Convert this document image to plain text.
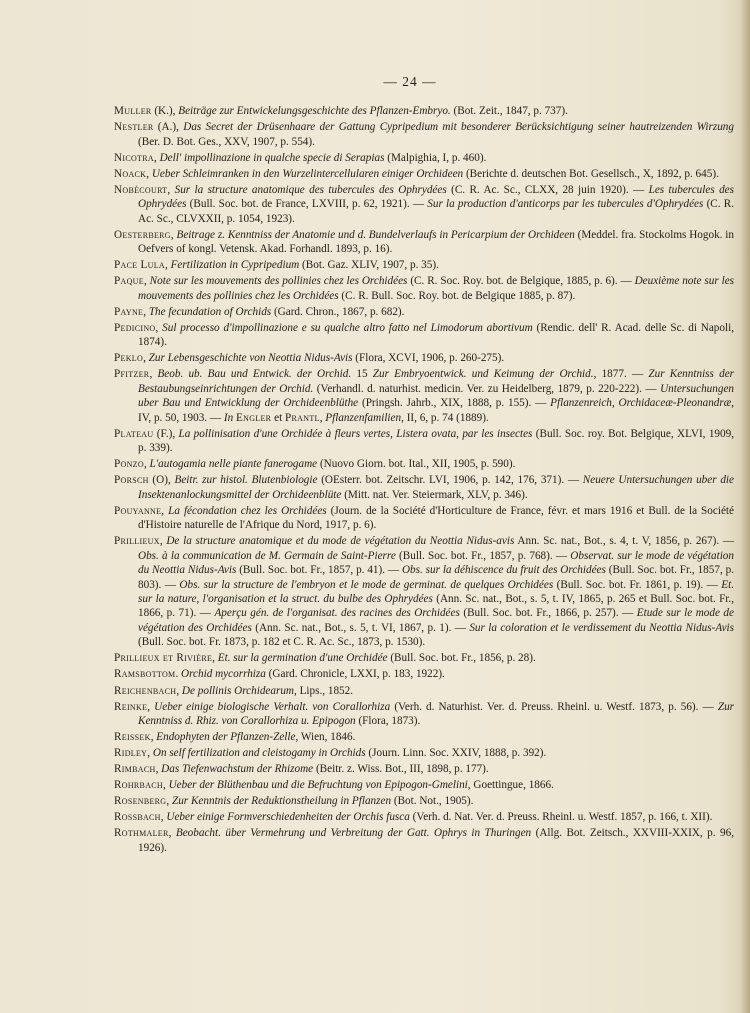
— 24 —

Muller (K.), Beiträge zur Entwickelungsgeschichte des Pflanzen-Embryo. (Bot. Zeit., 1847, p. 737).

Nestler (A.), Das Secret der Drüsenhaare der Gattung Cypripedium mit besonderer Berücksichtigung seiner hautreizenden Wirzung (Ber. D. Bot. Ges., XXV, 1907, p. 554).

Nicotra, Dell' impollinazione in qualche specie di Serapias (Malpighia, I, p. 460).

Noack, Ueber Schleimranken in den Wurzelintercellularen einiger Orchideen (Berichte d. deutschen Bot. Gesellsch., X, 1892, p. 645).

Nobécourt, Sur la structure anatomique des tubercules des Ophrydées (C. R. Ac. Sc., CLXX, 28 juin 1920). — Les tubercules des Ophrydées (Bull. Soc. bot. de France, LXVIII, p. 62, 1921). — Sur la production d'anticorps par les tubercules d'Ophrydées (C. R. Ac. Sc., CLVXXII, p. 1054, 1923).

Oesterberg, Beitrage z. Kenntniss der Anatomie und d. Bundelverlaufs in Pericarpium der Orchideen (Meddel. fra. Stockolms Hogok. in Oefvers of kongl. Vetensk. Akad. Forhandl. 1893, p. 16).

Pace Lula, Fertilization in Cypripedium (Bot. Gaz. XLIV, 1907, p. 35).

Paque, Note sur les mouvements des pollinies chez les Orchidées (C. R. Soc. Roy. bot. de Belgique, 1885, p. 6). — Deuxième note sur les mouvements des pollinies chez les Orchidées (C. R. Bull. Soc. Roy. bot. de Belgique 1885, p. 87).

Payne, The fecundation of Orchids (Gard. Chron., 1867, p. 682).

Pedicino, Sul processo d'impollinazione e su qualche altro fatto nel Limodorum abortivum (Rendic. dell' R. Acad. delle Sc. di Napoli, 1874).

Peklo, Zur Lebensgeschichte von Neottia Nidus-Avis (Flora, XCVI, 1906, p. 260-275).

Pfitzer, Beob. ub. Bau und Entwick. der Orchid. 15 Zur Embryoentwick. und Keimung der Orchid., 1877. — Zur Kenntniss der Bestaubungseinrichtungen der Orchid. (Verhandl. d. naturhist. medicin. Ver. zu Heidelberg, 1879, p. 220-222). — Untersuchungen uber Bau und Entwicklung der Orchideenblüthe (Pringsh. Jahrb., XIX, 1888, p. 155). — Pflanzenreich, Orchidaceæ-Pleonandræ, IV, p. 50, 1903. — In Engler et Prantl, Pflanzenfamilien, II, 6, p. 74 (1889).

Plateau (F.), La pollinisation d'une Orchidée à fleurs vertes, Listera ovata, par les insectes (Bull. Soc. roy. Bot. Belgique, XLVI, 1909, p. 339).

Ponzo, L'autogamia nelle piante fanerogame (Nuovo Giorn. bot. Ital., XII, 1905, p. 590).

Porsch (O), Beitr. zur histol. Blutenbiologie (OEsterr. bot. Zeitschr. LVI, 1906, p. 142, 176, 371). — Neuere Untersuchungen uber die Insektenanlockungsmittel der Orchideenblüte (Mitt. nat. Ver. Steiermark, XLV, p. 346).

Pouyanne, La fécondation chez les Orchidées (Journ. de la Société d'Horticulture de France, févr. et mars 1916 et Bull. de la Société d'Histoire naturelle de l'Afrique du Nord, 1917, p. 6).

Prillieux, De la structure anatomique et du mode de végétation du Neottia Nidus-avis Ann. Sc. nat., Bot., s. 4, t. V, 1856, p. 267). — Obs. à la communication de M. Germain de Saint-Pierre (Bull. Soc. bot. Fr., 1857, p. 768). — Observat. sur le mode de végétation du Neottia Nidus-Avis (Bull. Soc. bot. Fr., 1857, p. 41). — Obs. sur la déhiscence du fruit des Orchidées (Bull. Soc. bot. Fr., 1857, p. 803). — Obs. sur la structure de l'embryon et le mode de germinat. de quelques Orchidées (Bull. Soc. bot. Fr. 1861, p. 19). — Et. sur la nature, l'organisation et la struct. du bulbe des Ophrydées (Ann. Sc. nat., Bot., s. 5, t. IV, 1865, p. 265 et Bull. Soc. bot. Fr., 1866, p. 71). — Aperçu gén. de l'organisat. des racines des Orchidées (Bull. Soc. bot. Fr., 1866, p. 257). — Etude sur le mode de végétation des Orchidées (Ann. Sc. nat., Bot., s. 5, t. VI, 1867, p. 1). — Sur la coloration et le verdissement du Neottia Nidus-Avis (Bull. Soc. bot. Fr. 1873, p. 182 et C. R. Ac. Sc., 1873, p. 1530).

Prillieux et Rivière, Et. sur la germination d'une Orchidée (Bull. Soc. bot. Fr., 1856, p. 28).

Ramsbottom. Orchid mycorrhiza (Gard. Chronicle, LXXI, p. 183, 1922).

Reichenbach, De pollinis Orchidearum, Lips., 1852.

Reinke, Ueber einige biologische Verhalt. von Corallorhiza (Verh. d. Naturhist. Ver. d. Preuss. Rheinl. u. Westf. 1873, p. 56). — Zur Kenntniss d. Rhiz. von Corallorhiza u. Epipogon (Flora, 1873).

Reissek, Endophyten der Pflanzen-Zelle, Wien, 1846.

Ridley, On self fertilization and cleistogamy in Orchids (Journ. Linn. Soc. XXIV, 1888, p. 392).

Rimbach, Das Tiefenwachstum der Rhizome (Beitr. z. Wiss. Bot., III, 1898, p. 177).

Rohrbach, Ueber der Blüthenbau und die Befruchtung von Epipogon-Gmelini, Goettingue, 1866.

Rosenberg, Zur Kenntnis der Reduktionstheilung in Pflanzen (Bot. Not., 1905).

Rossbach, Ueber einige Formverschiedenheiten der Orchis fusca (Verh. d. Nat. Ver. d. Preuss. Rheinl. u. Westf. 1857, p. 166, t. XII).

Rothmaler, Beobacht. über Vermehrung und Verbreitung der Gatt. Ophrys in Thuringen (Allg. Bot. Zeitsch., XXVIII-XXIX, p. 96, 1926).
